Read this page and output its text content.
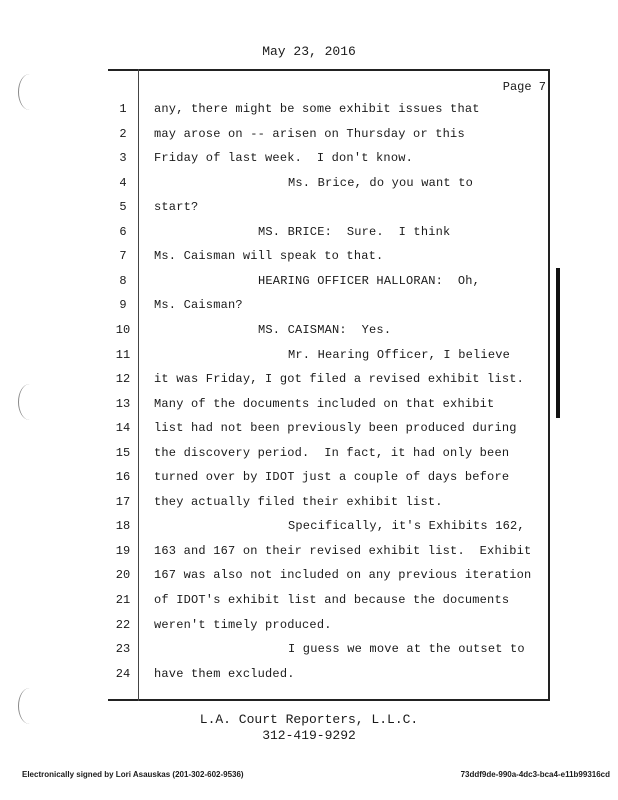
May 23, 2016
Page 7
1	any, there might be some exhibit issues that
2	may arose on -- arisen on Thursday or this
3	Friday of last week.  I don't know.
4	Ms. Brice, do you want to
5	start?
6	MS. BRICE:  Sure.  I think
7	Ms. Caisman will speak to that.
8	HEARING OFFICER HALLORAN:  Oh,
9	Ms. Caisman?
10	MS. CAISMAN:  Yes.
11	Mr. Hearing Officer, I believe
12	it was Friday, I got filed a revised exhibit list.
13	Many of the documents included on that exhibit
14	list had not been previously been produced during
15	the discovery period.  In fact, it had only been
16	turned over by IDOT just a couple of days before
17	they actually filed their exhibit list.
18	Specifically, it's Exhibits 162,
19	163 and 167 on their revised exhibit list.  Exhibit
20	167 was also not included on any previous iteration
21	of IDOT's exhibit list and because the documents
22	weren't timely produced.
23	I guess we move at the outset to
24	have them excluded.
L.A. Court Reporters, L.L.C.
312-419-9292
Electronically signed by Lori Asauskas (201-302-602-9536)	73ddf9de-990a-4dc3-bca4-e11b99316cd
